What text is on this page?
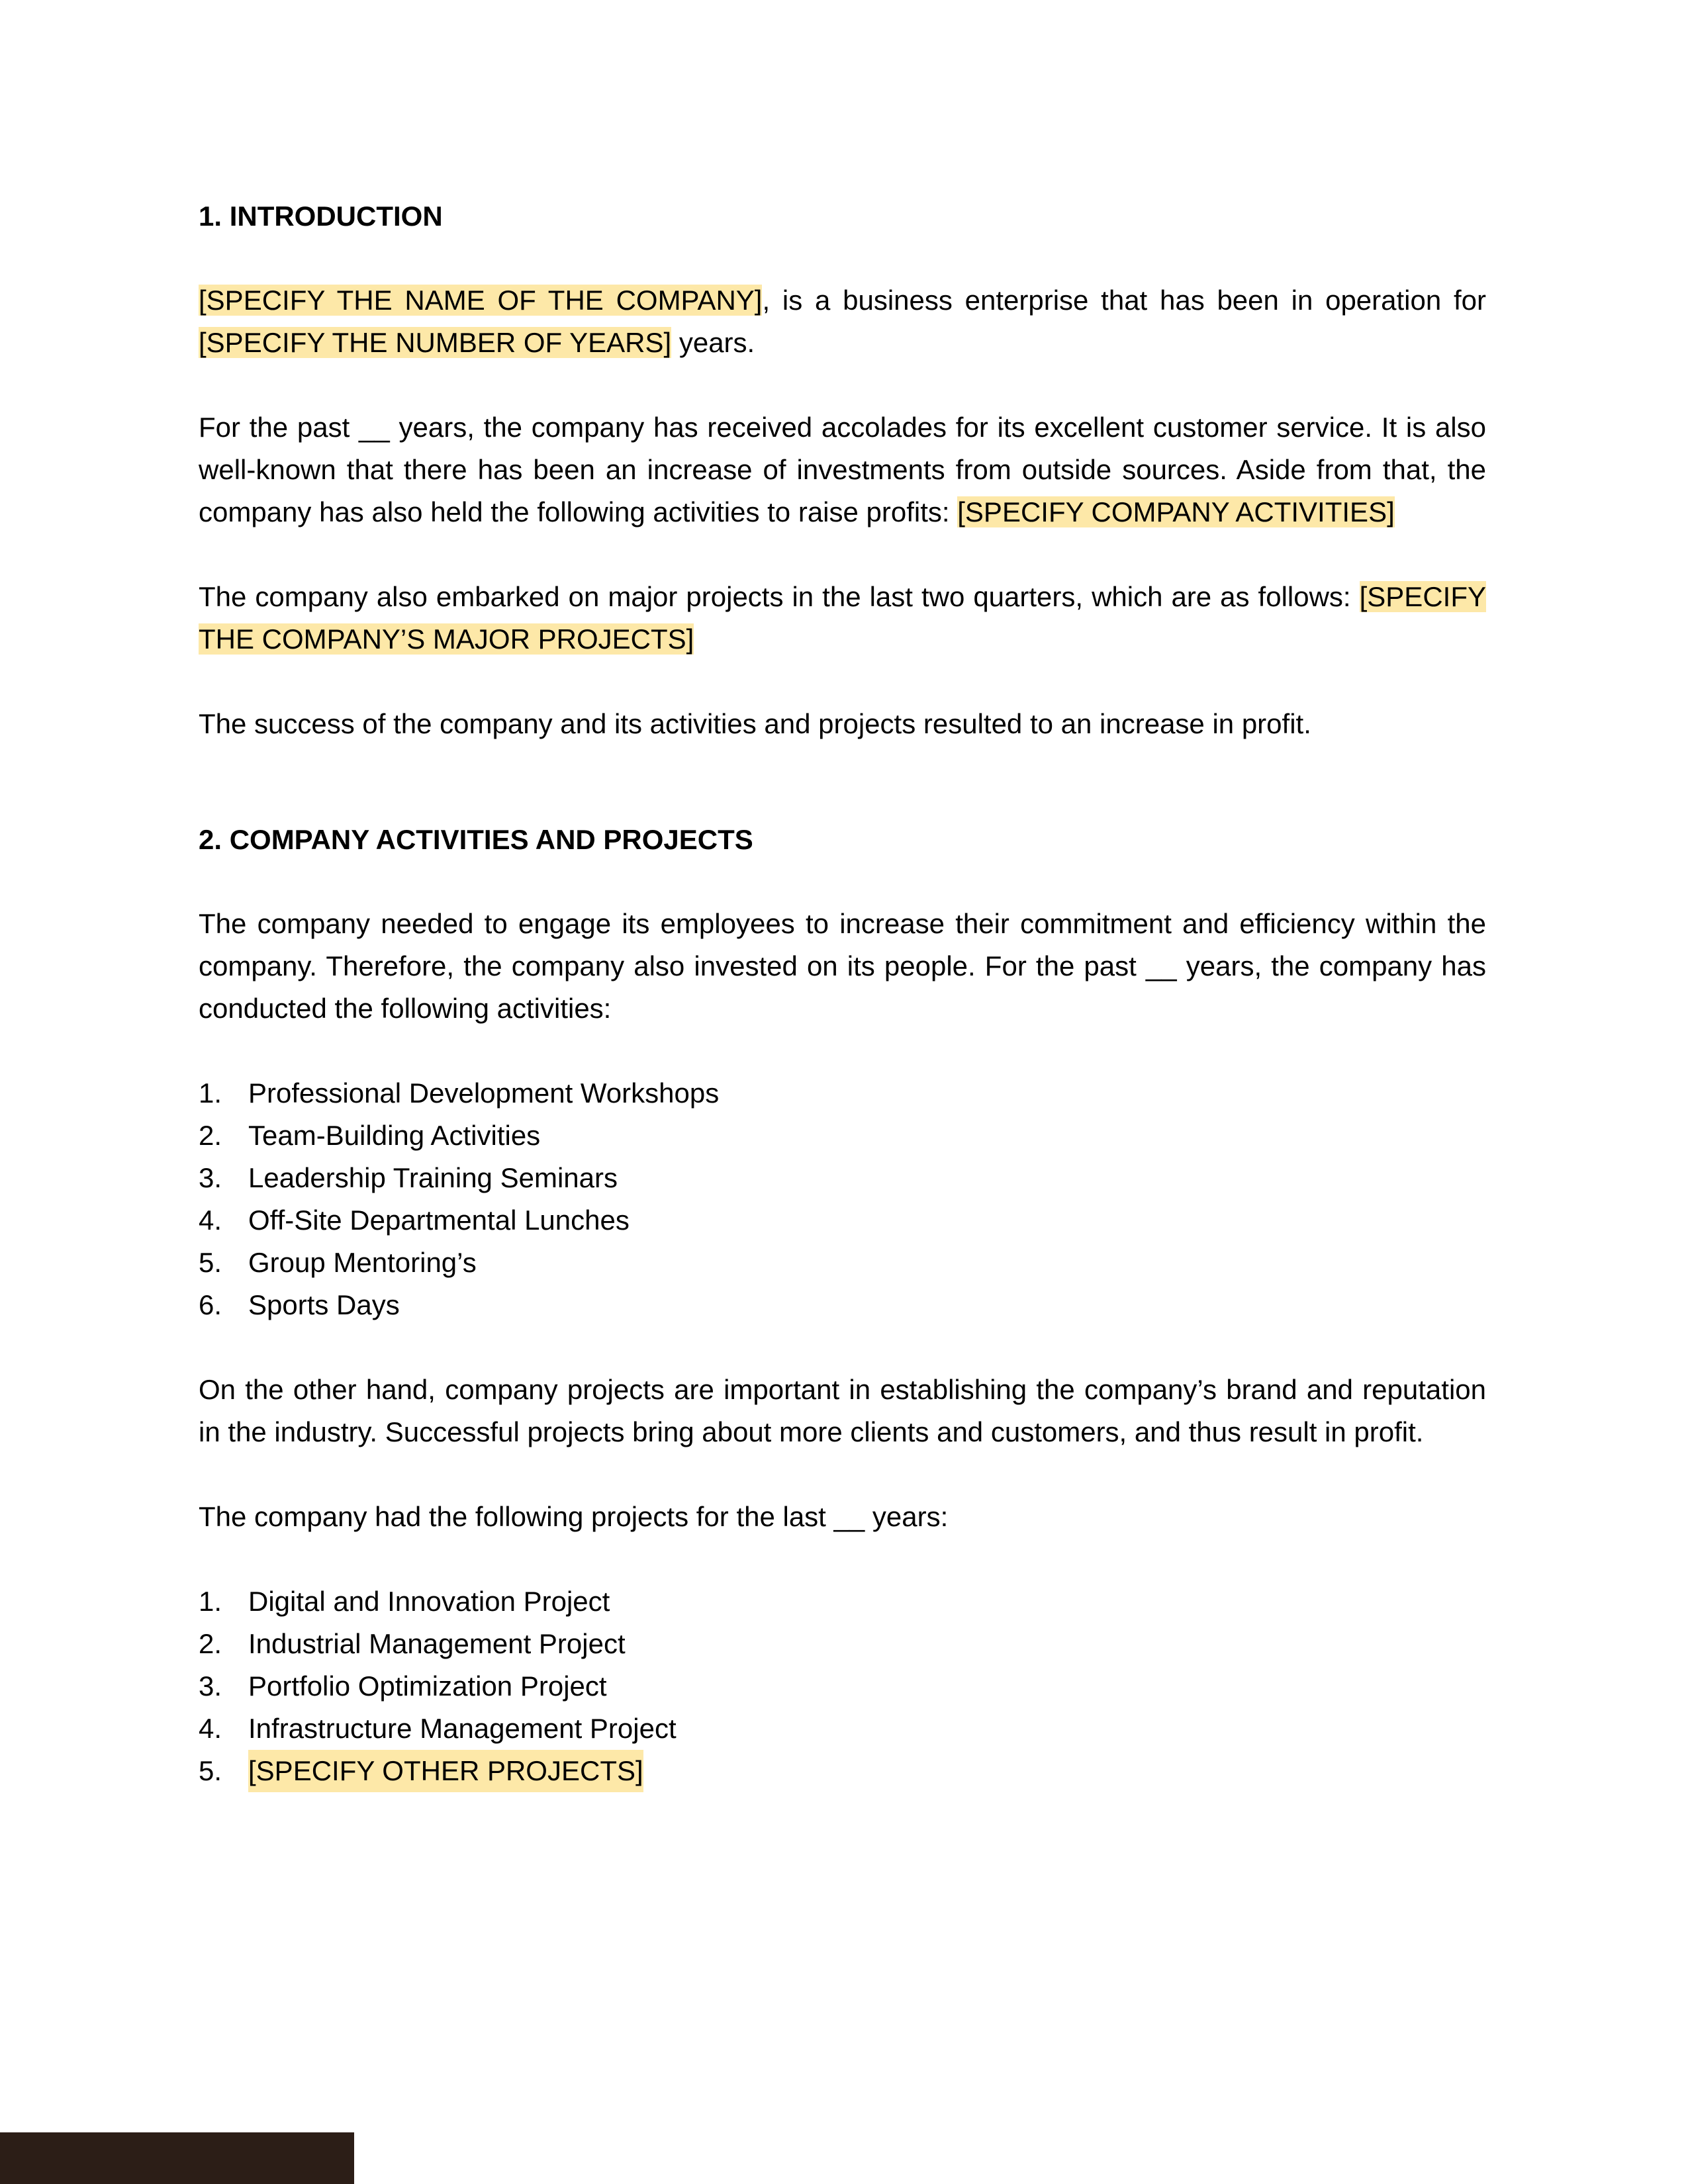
1. INTRODUCTION

[SPECIFY THE NAME OF THE COMPANY], is a business enterprise that has been in operation for [SPECIFY THE NUMBER OF YEARS] years.

For the past __ years, the company has received accolades for its excellent customer service. It is also well-known that there has been an increase of investments from outside sources. Aside from that, the company has also held the following activities to raise profits: [SPECIFY COMPANY ACTIVITIES]

The company also embarked on major projects in the last two quarters, which are as follows: [SPECIFY THE COMPANY’S MAJOR PROJECTS]

The success of the company and its activities and projects resulted to an increase in profit.

2. COMPANY ACTIVITIES AND PROJECTS

The company needed to engage its employees to increase their commitment and efficiency within the company. Therefore, the company also invested on its people. For the past __ years, the company has conducted the following activities:

1. Professional Development Workshops
2. Team-Building Activities
3. Leadership Training Seminars
4. Off-Site Departmental Lunches
5. Group Mentoring’s
6. Sports Days

On the other hand, company projects are important in establishing the company’s brand and reputation in the industry. Successful projects bring about more clients and customers, and thus result in profit.

The company had the following projects for the last __ years:

1. Digital and Innovation Project
2. Industrial Management Project
3. Portfolio Optimization Project
4. Infrastructure Management Project
5. [SPECIFY OTHER PROJECTS]
